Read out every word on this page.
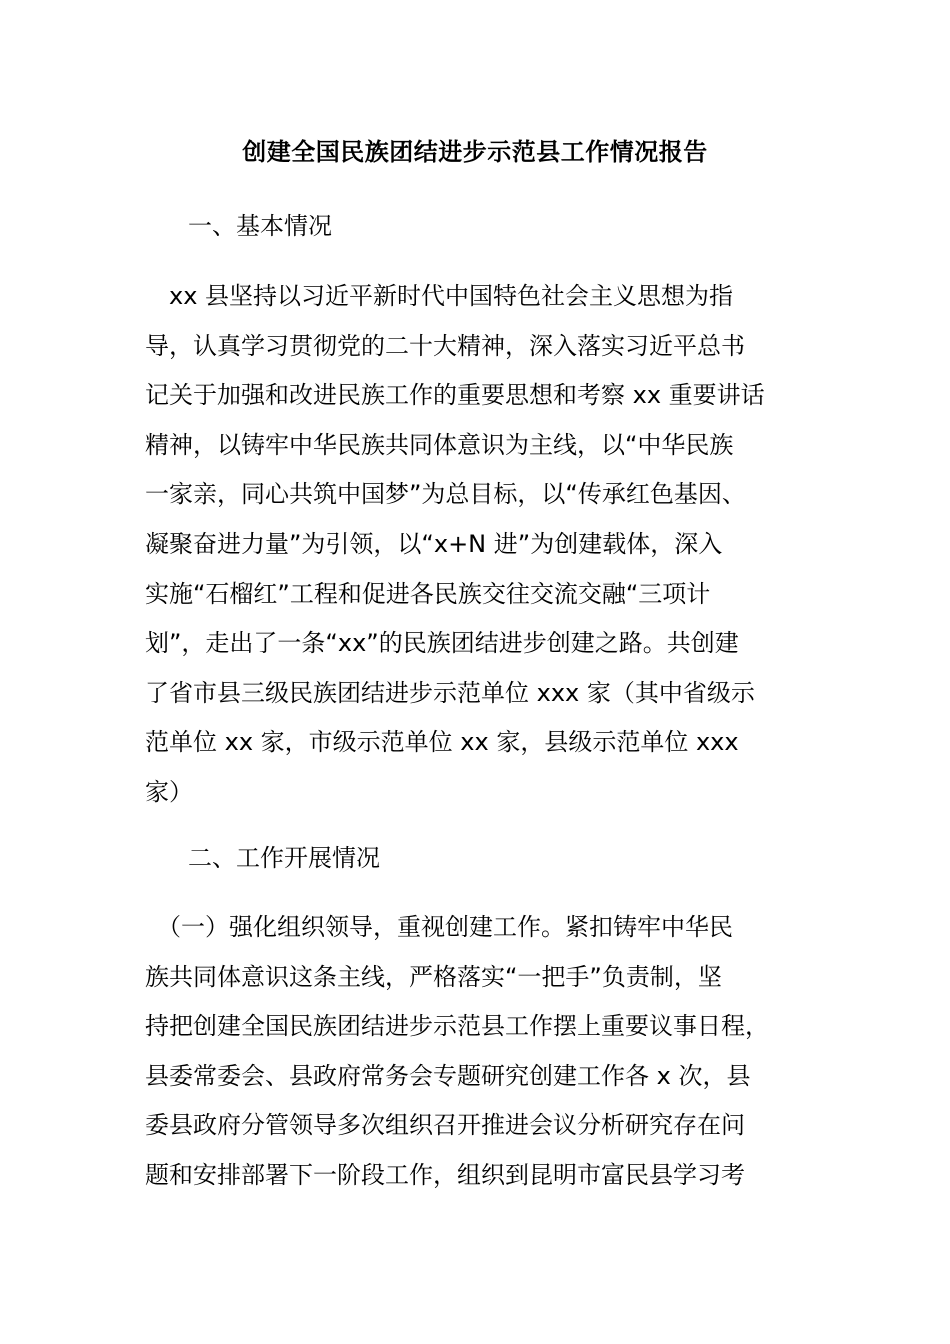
创建全国民族团结进步示范县工作情况报告
一、基本情况
　xx 县坚持以习近平新时代中国特色社会主义思想为指
导，认真学习贯彻党的二十大精神，深入落实习近平总书
记关于加强和改进民族工作的重要思想和考察 xx 重要讲话
精神，以铸牢中华民族共同体意识为主线，以“中华民族
一家亲，同心共筑中国梦”为总目标，以“传承红色基因、
凝聚奋进力量”为引领，以“x+N 进”为创建载体，深入
实施“石榴红”工程和促进各民族交往交流交融“三项计
划”，走出了一条“xx”的民族团结进步创建之路。共创建
了省市县三级民族团结进步示范单位 xxx 家（其中省级示
范单位 xx 家，市级示范单位 xx 家，县级示范单位 xxx
家）
二、工作开展情况
　（一）强化组织领导，重视创建工作。紧扣铸牢中华民
族共同体意识这条主线，严格落实“一把手”负责制，坚
持把创建全国民族团结进步示范县工作摆上重要议事日程，
县委常委会、县政府常务会专题研究创建工作各 x 次，县
委县政府分管领导多次组织召开推进会议分析研究存在问
题和安排部署下一阶段工作，组织到昆明市富民县学习考
